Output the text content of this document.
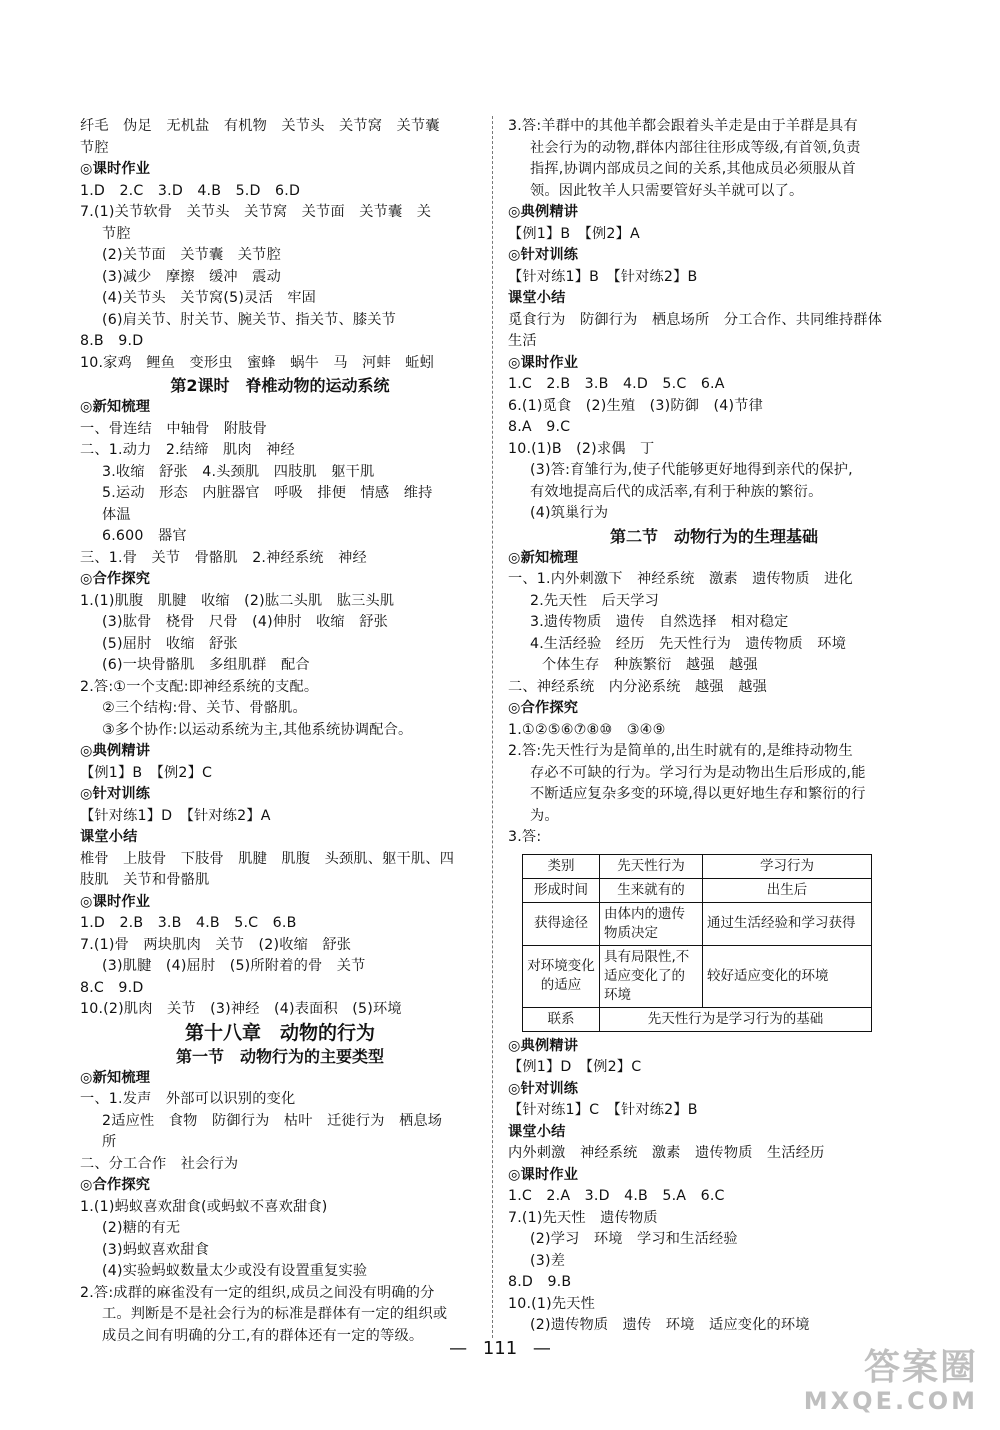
纤毛　伪足　无机盐　有机物　关节头　关节窝　关节囊
节腔
◎课时作业
1.D　2.C　3.D　4.B　5.D　6.D
7.(1)关节软骨　关节头　关节窝　关节面　关节囊　关
节腔
(2)关节面　关节囊　关节腔
(3)减少　摩擦　缓冲　震动
(4)关节头　关节窝(5)灵活　牢固
(6)肩关节、肘关节、腕关节、指关节、膝关节
8.B　9.D
10.家鸡　鲤鱼　变形虫　蜜蜂　蜗牛　马　河蚌　蚯蚓
第2课时　脊椎动物的运动系统
◎新知梳理
一、骨连结　中轴骨　附肢骨
二、1.动力　2.结缔　肌肉　神经
3.收缩　舒张　4.头颈肌　四肢肌　躯干肌
5.运动　形态　内脏器官　呼吸　排便　情感　维持
体温
6.600　器官
三、1.骨　关节　骨骼肌　2.神经系统　神经
◎合作探究
1.(1)肌腹　肌腱　收缩　(2)肱二头肌　肱三头肌
(3)肱骨　桡骨　尺骨　(4)伸肘　收缩　舒张
(5)屈肘　收缩　舒张
(6)一块骨骼肌　多组肌群　配合
2.答:①一个支配:即神经系统的支配。
②三个结构:骨、关节、骨骼肌。
③多个协作:以运动系统为主,其他系统协调配合。
◎典例精讲
【例1】B　【例2】C
◎针对训练
【针对练1】D　【针对练2】A
课堂小结
椎骨　上肢骨　下肢骨　肌腱　肌腹　头颈肌、躯干肌、四
肢肌　关节和骨骼肌
◎课时作业
1.D　2.B　3.B　4.B　5.C　6.B
7.(1)骨　两块肌肉　关节　(2)收缩　舒张
(3)肌腱　(4)屈肘　(5)所附着的骨　关节
8.C　9.D
10.(2)肌肉　关节　(3)神经　(4)表面积　(5)环境
第十八章　动物的行为
第一节　动物行为的主要类型
◎新知梳理
一、1.发声　外部可以识别的变化
2适应性　食物　防御行为　枯叶　迁徙行为　栖息场
所
二、分工合作　社会行为
◎合作探究
1.(1)蚂蚁喜欢甜食(或蚂蚁不喜欢甜食)
(2)糖的有无
(3)蚂蚁喜欢甜食
(4)实验蚂蚁数量太少或没有设置重复实验
2.答:成群的麻雀没有一定的组织,成员之间没有明确的分
工。判断是不是社会行为的标准是群体有一定的组织或
成员之间有明确的分工,有的群体还有一定的等级。
3.答:羊群中的其他羊都会跟着头羊走是由于羊群是具有
社会行为的动物,群体内部往往形成等级,有首领,负责
指挥,协调内部成员之间的关系,其他成员必须服从首
领。因此牧羊人只需要管好头羊就可以了。
◎典例精讲
【例1】B　【例2】A
◎针对训练
【针对练1】B　【针对练2】B
课堂小结
觅食行为　防御行为　栖息场所　分工合作、共同维持群体
生活
◎课时作业
1.C　2.B　3.B　4.D　5.C　6.A
6.(1)觅食　(2)生殖　(3)防御　(4)节律
8.A　9.C
10.(1)B　(2)求偶　丁
(3)答:育雏行为,使子代能够更好地得到亲代的保护,
有效地提高后代的成活率,有利于种族的繁衍。
(4)筑巢行为
第二节　动物行为的生理基础
◎新知梳理
一、1.内外刺激下　神经系统　激素　遗传物质　进化
2.先天性　后天学习
3.遗传物质　遗传　自然选择　相对稳定
4.生活经验　经历　先天性行为　遗传物质　环境
个体生存　种族繁衍　越强　越强
二、神经系统　内分泌系统　越强　越强
◎合作探究
1.①②⑤⑥⑦⑧⑩　③④⑨
2.答:先天性行为是简单的,出生时就有的,是维持动物生
存必不可缺的行为。学习行为是动物出生后形成的,能
不断适应复杂多变的环境,得以更好地生存和繁衍的行
为。
3.答:
类别	先天性行为	学习行为
形成时间	生来就有的	出生后
获得途径	由体内的遗传物质决定	通过生活经验和学习获得
对环境变化的适应	具有局限性,不适应变化了的环境	较好适应变化的环境
联系	先天性行为是学习行为的基础	
◎典例精讲
【例1】D　【例2】C
◎针对训练
【针对练1】C　【针对练2】B
课堂小结
内外刺激　神经系统　激素　遗传物质　生活经历
◎课时作业
1.C　2.A　3.D　4.B　5.A　6.C
7.(1)先天性　遗传物质
(2)学习　环境　学习和生活经验
(3)差
8.D　9.B
10.(1)先天性
(2)遗传物质　遗传　环境　适应变化的环境
— 111 —	答案圈
MXQE.COM
